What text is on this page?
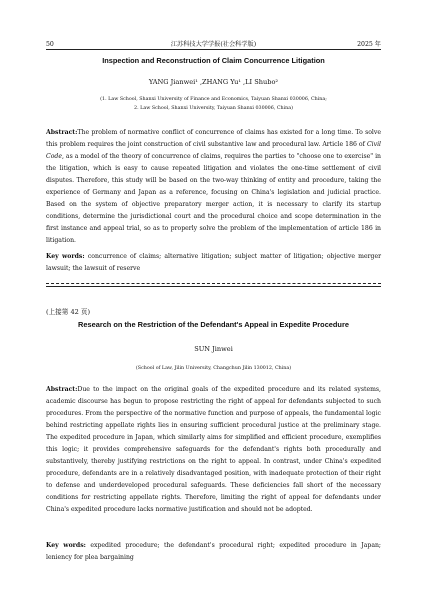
50	江苏科技大学学报(社会科学版)	2025 年
Inspection and Reconstruction of Claim Concurrence Litigation
YANG Jianwei¹ ,ZHANG Yu¹ ,LI Shubo²
(1. Law School, Shanxi University of Finance and Economics, Taiyuan Shanxi 030006, China;
2. Law School, Shanxi University, Taiyuan Shanxi 030006, China)
Abstract:The problem of normative conflict of concurrence of claims has existed for a long time. To solve this problem requires the joint construction of civil substantive law and procedural law. Article 186 of Civil Code, as a model of the theory of concurrence of claims, requires the parties to "choose one to exercise" in the litigation, which is easy to cause repeated litigation and violates the one-time settlement of civil disputes. Therefore, this study will be based on the two-way thinking of entity and procedure, taking the experience of Germany and Japan as a reference, focusing on China's legislation and judicial practice. Based on the system of objective preparatory merger action, it is necessary to clarify its startup conditions, determine the jurisdictional court and the procedural choice and scope determination in the first instance and appeal trial, so as to properly solve the problem of the implementation of article 186 in litigation.
Key words: concurrence of claims; alternative litigation; subject matter of litigation; objective merger lawsuit; the lawsuit of reserve
(上接第 42 页)
Research on the Restriction of the Defendant's Appeal in Expedite Procedure
SUN Jinwei
(School of Law, Jilin University, Changchun Jilin 130012, China)
Abstract:Due to the impact on the original goals of the expedited procedure and its related systems, academic discourse has begun to propose restricting the right of appeal for defendants subjected to such procedures. From the perspective of the normative function and purpose of appeals, the fundamental logic behind restricting appellate rights lies in ensuring sufficient procedural justice at the preliminary stage. The expedited procedure in Japan, which similarly aims for simplified and efficient procedure, exemplifies this logic; it provides comprehensive safeguards for the defendant's rights both procedurally and substantively, thereby justifying restrictions on the right to appeal. In contrast, under China's expedited procedure, defendants are in a relatively disadvantaged position, with inadequate protection of their right to defense and underdeveloped procedural safeguards. These deficiencies fall short of the necessary conditions for restricting appellate rights. Therefore, limiting the right of appeal for defendants under China's expedited procedure lacks normative justification and should not be adopted.
Key words: expedited procedure; the defendant's procedural right; expedited procedure in Japan; leniency for plea bargaining
